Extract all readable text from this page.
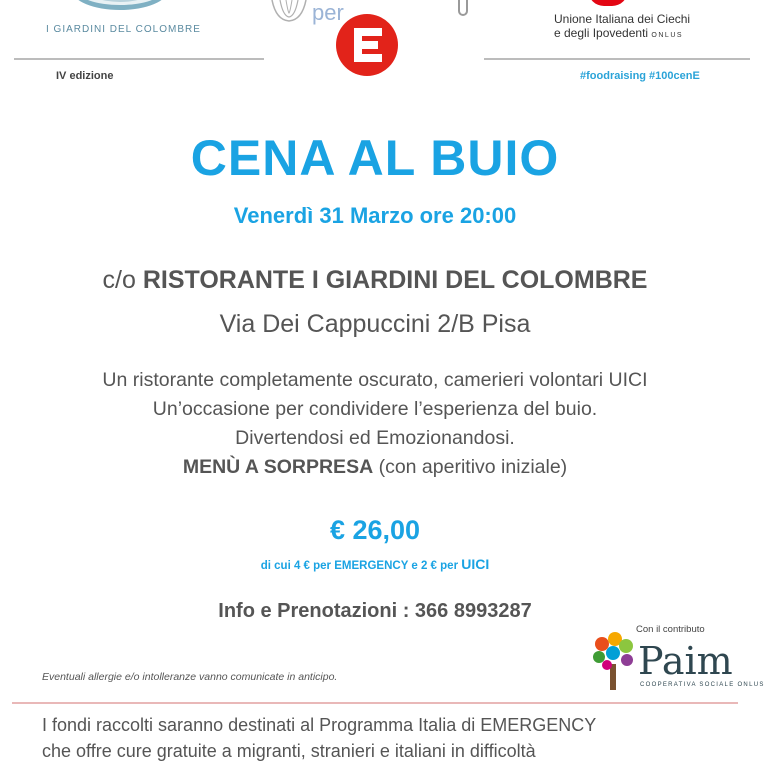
I GIARDINI DEL COLOMBRE
per	Unione Italiana dei Ciechi
e degli Ipovedenti ONLUS
IV edizione	#foodraising #100cenE
CENA AL BUIO
Venerdì 31 Marzo ore 20:00
c/o RISTORANTE I GIARDINI DEL COLOMBRE
Via Dei Cappuccini 2/B Pisa
Un ristorante completamente oscurato, camerieri volontari UICI
Un’occasione per condividere l’esperienza del buio.
Divertendosi ed Emozionandosi.
MENÙ A SORPRESA (con aperitivo iniziale)
€ 26,00
di cui 4 € per EMERGENCY e 2 € per UICI
Info e Prenotazioni : 366 8993287
Eventuali allergie e/o intolleranze vanno comunicate in anticipo.
Con il contributo
Paim
COOPERATIVA SOCIALE ONLUS
I fondi raccolti saranno destinati al Programma Italia di EMERGENCY
che offre cure gratuite a migranti, stranieri e italiani in difficoltà
